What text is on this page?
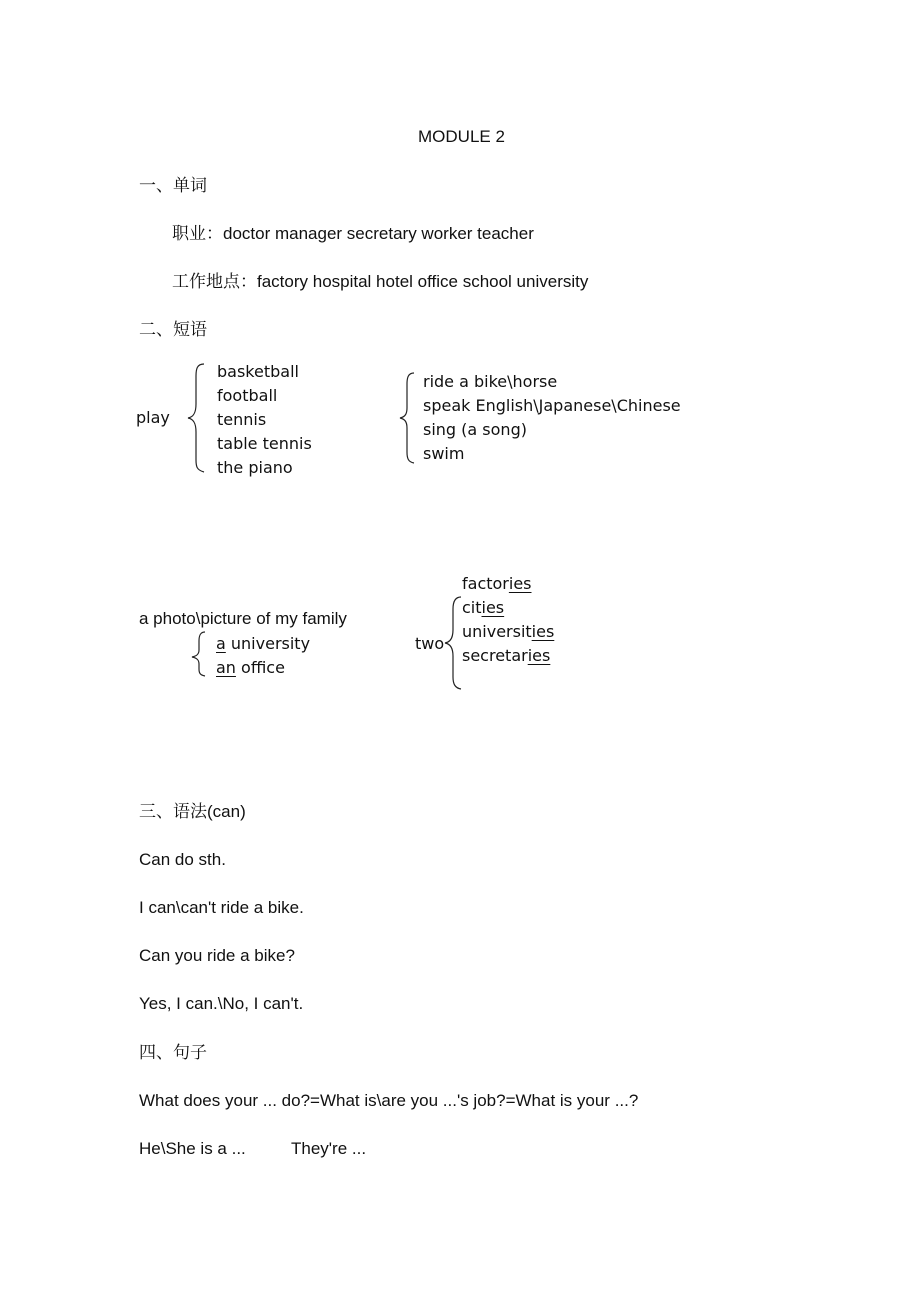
MODULE 2
一、单词
职业：doctor manager secretary worker teacher
工作地点：factory hospital hotel office school university
二、短语
play
basketball
football
tennis
table tennis
the piano
ride a bike\horse
speak English\Japanese\Chinese
sing (a song)
swim
a photo\picture of my family
a university
an office
two
factories
cities
universities
secretaries
三、语法(can)
Can do sth.
I can\can't ride a bike.
Can you ride a bike?
Yes, I can.\No, I can't.
四、句子
What does your ... do?=What is\are you ...'s job?=What is your ...?
He\She is a ...	They're ...
